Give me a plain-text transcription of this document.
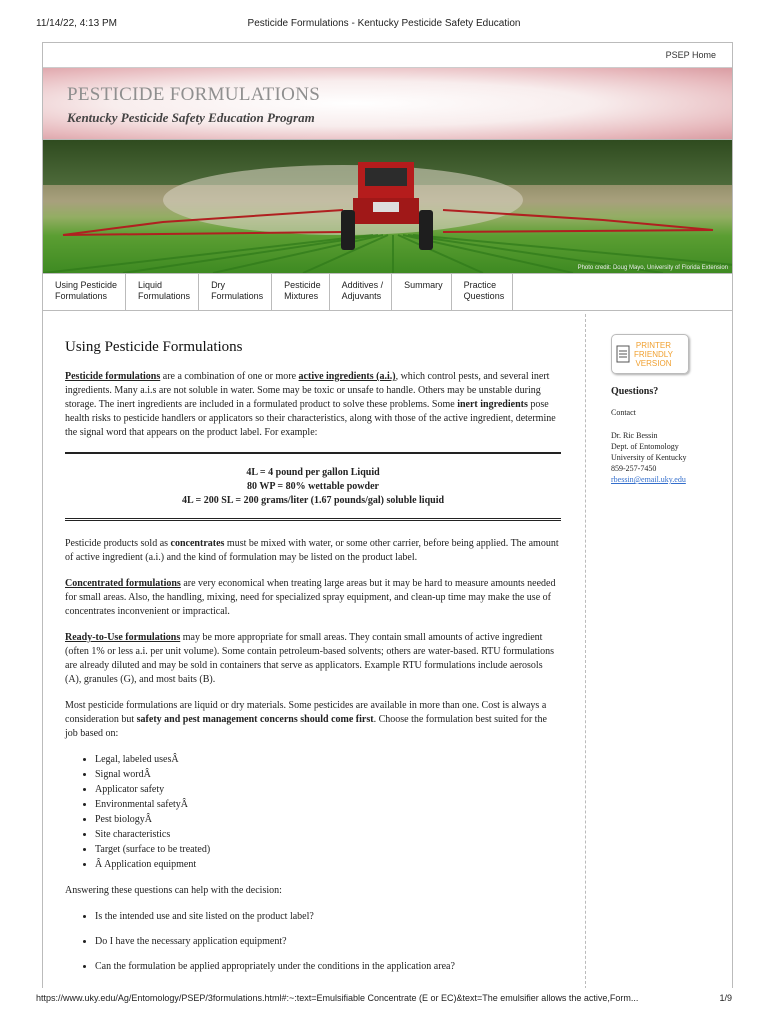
11/14/22, 4:13 PM	Pesticide Formulations - Kentucky Pesticide Safety Education
PSEP Home
PESTICIDE FORMULATIONS
Kentucky Pesticide Safety Education Program
Photo credit: Doug Mayo, University of Florida Extension
Using Pesticide
Formulations
Liquid
Formulations
Dry
Formulations
Pesticide
Mixtures
Additives /
Adjuvants
Summary	Practice
Questions
Using Pesticide Formulations

Pesticide formulations are a combination of one or more active ingredients (a.i.), which control pests, and several inert ingredients. Many a.i.s are not soluble in water. Some may be toxic or unsafe to handle. Others may be unstable during storage. The inert ingredients are included in a formulated product to solve these problems. Some inert ingredients pose health risks to pesticide handlers or applicators so their characteristics, along with those of the active ingredient, determine the signal word that appears on the product label. For example:

4L = 4 pound per gallon Liquid
80 WP = 80% wettable powder
4L = 200 SL = 200 grams/liter (1.67 pounds/gal) soluble liquid

Pesticide products sold as concentrates must be mixed with water, or some other carrier, before being applied. The amount of active ingredient (a.i.) and the kind of formulation may be listed on the product label.

Concentrated formulations are very economical when treating large areas but it may be hard to measure amounts needed for small areas. Also, the handling, mixing, need for specialized spray equipment, and clean-up time may make the use of concentrates inconvenient or impractical.

Ready-to-Use formulations may be more appropriate for small areas. They contain small amounts of active ingredient (often 1% or less a.i. per unit volume). Some contain petroleum-based solvents; others are water-based. RTU formulations are already diluted and may be sold in containers that serve as applicators. Example RTU formulations include aerosols (A), granules (G), and most baits (B).

Most pesticide formulations are liquid or dry materials. Some pesticides are available in more than one. Cost is always a consideration but safety and pest management concerns should come first. Choose the formulation best suited for the job based on:

• Legal, labeled usesÂ
• Signal wordÂ
• Applicator safety
• Environmental safetyÂ
• Pest biologyÂ
• Site characteristics
• Target (surface to be treated)
• Â Application equipment

Answering these questions can help with the decision:

• Is the intended use and site listed on the product label?
• Do I have the necessary application equipment?
• Can the formulation be applied appropriately under the conditions in the application area?
PRINTER
FRIENDLY
VERSION
Questions?
Contact
Dr. Ric Bessin
Dept. of Entomology
University of Kentucky
859-257-7450
rbessin@email.uky.edu
https://www.uky.edu/Ag/Entomology/PSEP/3formulations.html#:~:text=Emulsifiable Concentrate (E or EC)&text=The emulsifier allows the active,Form...	1/9
